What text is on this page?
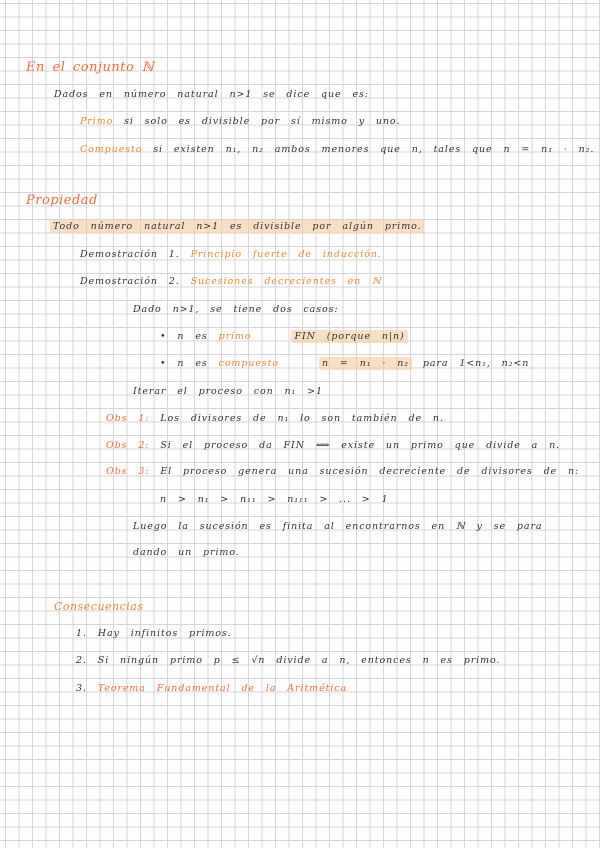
En el conjunto ℕ
Dados en número natural n>1 se dice que es:
Primo si solo es divisible por sí mismo y uno.
Compuesto si existen n₁, n₂ ambos menores que n, tales que n = n₁ · n₂.
Propiedad
Todo número natural n>1 es divisible por algún primo.
Demostración 1. Principio fuerte de inducción.
Demostración 2. Sucesiones decrecientes en ℕ
Dado n>1, se tiene dos casos:
• n es primo	FIN (porque n|n)
• n es compuesto	n = n₁ · n₂ para 1<n₁, n₂<n
Iterar el proceso con n₁ >1
Obs 1: Los divisores de n₁ lo son también de n.
Obs 2: Si el proceso da FIN ⟺ existe un primo que divide a n.
Obs 3: El proceso genera una sucesión decreciente de divisores de n:
n > n₁ > n₁₁ > n₁₁₁ > ... > 1
Luego la sucesión es finita al encontrarnos en ℕ y se para
dando un primo.
Consecuencias
1. Hay infinitos primos.
2. Si ningún primo p ≤ √n divide a n, entonces n es primo.
3. Teorema Fundamental de la Aritmética
